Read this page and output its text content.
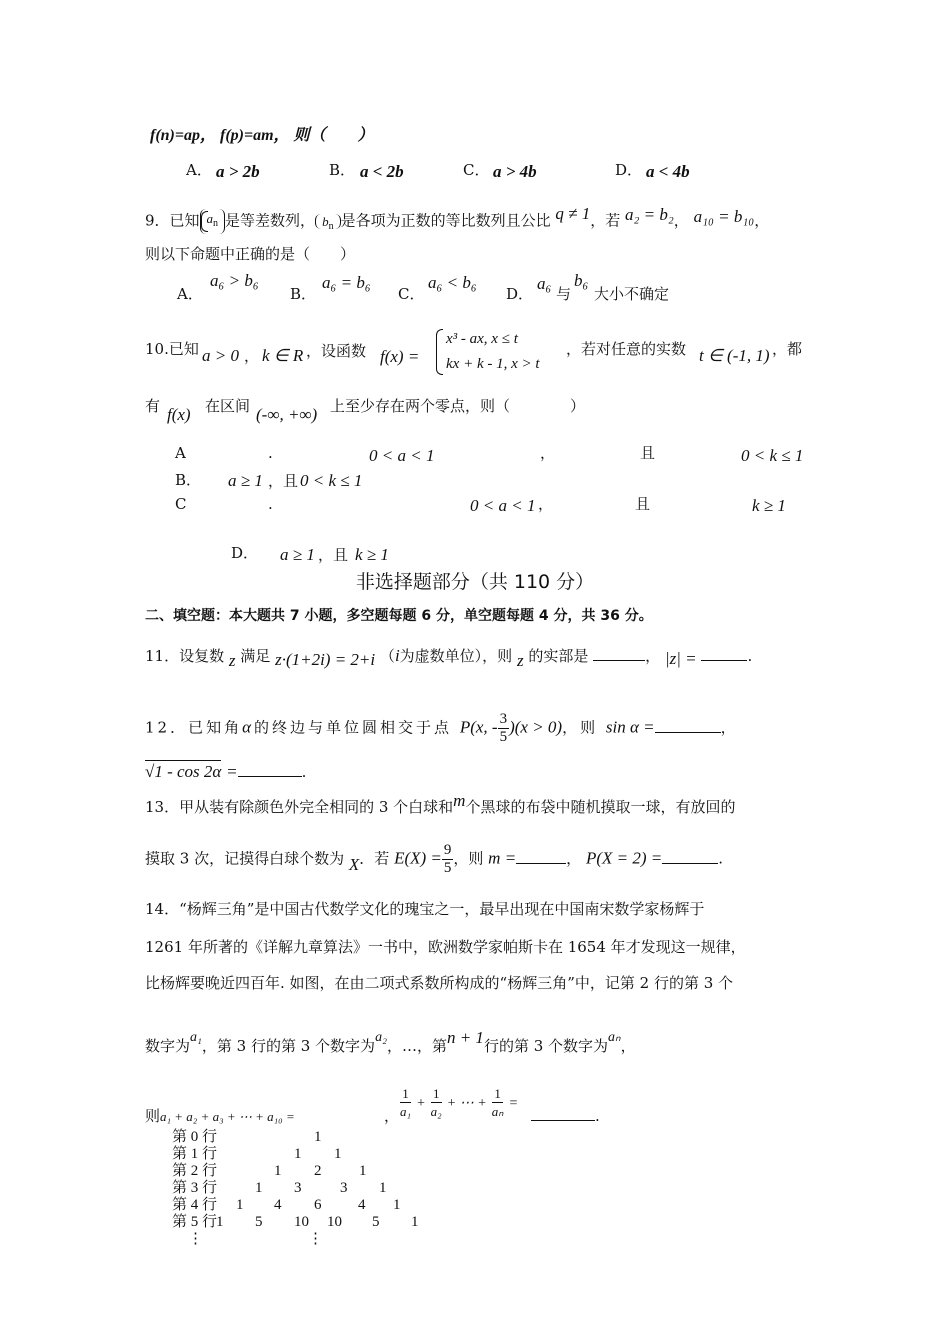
f(n)=ap， f(p)=am， 则（　　）
A． a > 2b	B． a < 2b	C． a > 4b	D． a < 4b
9．已知 $a_n$ 是等差数列， $b_n$ 是各项为正数的等比数列且公比 q ≠ 1，若 a₂ = b₂， a₁₀ = b₁₀，
则以下命题中正确的是（　　）
A．
a₆ > b₆
B．
a₆ = b₆
C．
a₆ < b₆
D．
a₆
与
b₆
大小不确定
10.已知 a > 0 ， k ∈ R ，设函数 f(x) =
x³ - ax, x ≤ t
kx + k - 1, x > t
，若对任意的实数 t ∈ (-1, 1) ，都
有 f(x) 在区间 (-∞, +∞) 上至少存在两个零点，则（　　　　）
A	.	0 < a < 1	，	且	0 < k ≤ 1
B． a ≥ 1 ，且 0 < k ≤ 1
C	.	0 < a < 1 ，	且	k ≥ 1
D． a ≥ 1 ，且 k ≥ 1
非选择题部分（共 110 分）
二、填空题：本大题共 7 小题，多空题每题 6 分，单空题每题 4 分，共 36 分。
11．设复数 z 满足 z·(1+2i) = 2+i （i为虚数单位），则 z 的实部是	， |z| =	.
12．已知角α的终边与单位圆相交于点 P(x, - $\frac{3}{5} )(x > 0)$，则 sin α =	，
√1 - cos 2α =	.
13．甲从装有除颜色外完全相同的 3 个白球和m个黑球的布袋中随机摸取一球，有放回的
摸取 3 次，记摸得白球个数为 X．若 $E(X) = \frac{9}{5}$ ，则 m =	， P(X = 2) =	.
14．“杨辉三角”是中国古代数学文化的瑰宝之一，最早出现在中国南宋数学家杨辉于
1261 年所著的《详解九章算法》一书中，欧洲数学家帕斯卡在 1654 年才发现这一规律，
比杨辉要晚近四百年. 如图，在由二项式系数所构成的“杨辉三角”中，记第 2 行的第 3 个
数字为a₁，第 3 行的第 3 个数字为a₂，…，第n + 1行的第 3 个数字为aₙ，
则a₁ + a₂ + a₃ + ⋯ + a₁₀ =	， $\frac{1}{\text{a₁}} + \frac{1}{\text{a₂}}$ + ⋯ + $\frac{1}{\text{aₙ}}$ =
.
第 0 行
第 1 行
第 2 行
第 3 行
第 4 行
第 5 行
1
1 1
1 2	1
1 3	3 1
1 4 6 4 1
1 5 10 10 5 1
⋮	⋮
